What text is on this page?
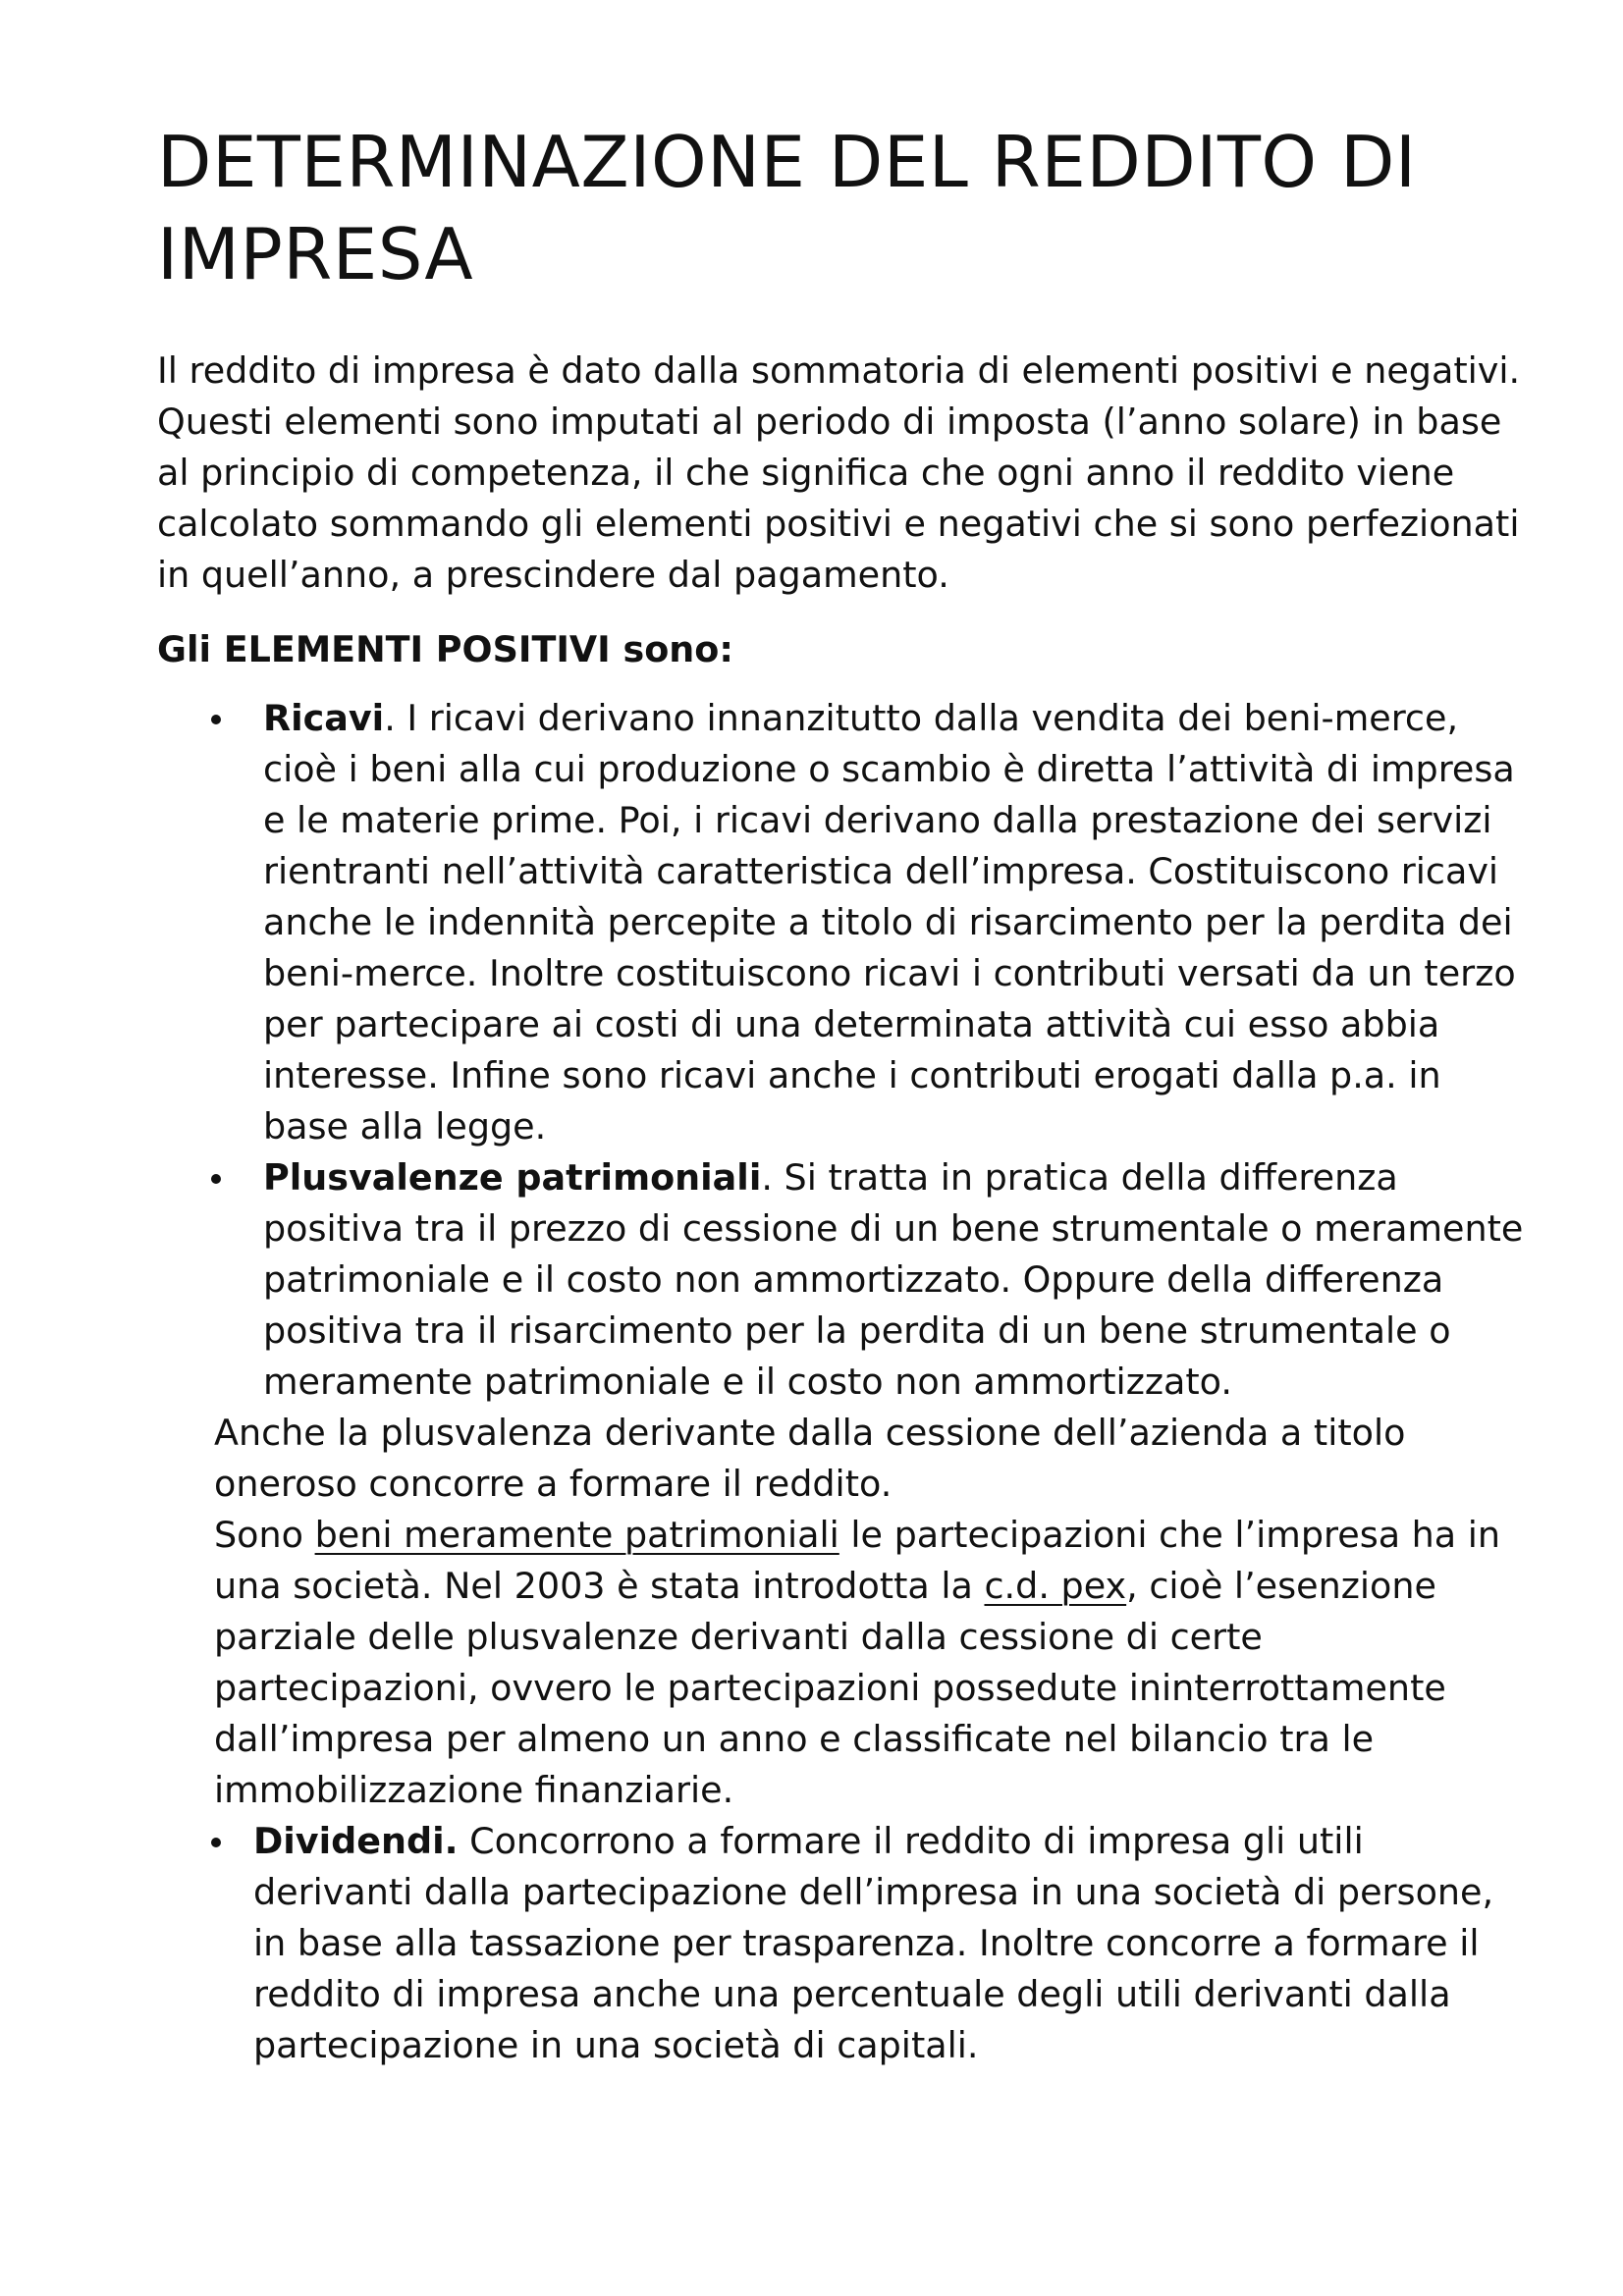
DETERMINAZIONE DEL REDDITO DI IMPRESA

Il reddito di impresa è dato dalla sommatoria di elementi positivi e negativi. Questi elementi sono imputati al periodo di imposta (l’anno solare) in base al principio di competenza, il che significa che ogni anno il reddito viene calcolato sommando gli elementi positivi e negativi che si sono perfezionati in quell’anno, a prescindere dal pagamento.

Gli ELEMENTI POSITIVI sono:

Ricavi. I ricavi derivano innanzitutto dalla vendita dei beni-merce, cioè i beni alla cui produzione o scambio è diretta l’attività di impresa e le materie prime. Poi, i ricavi derivano dalla prestazione dei servizi rientranti nell’attività caratteristica dell’impresa. Costituiscono ricavi anche le indennità percepite a titolo di risarcimento per la perdita dei beni-merce. Inoltre costituiscono ricavi i contributi versati da un terzo per partecipare ai costi di una determinata attività cui esso abbia interesse. Infine sono ricavi anche i contributi erogati dalla p.a. in base alla legge.
Plusvalenze patrimoniali. Si tratta in pratica della differenza positiva tra il prezzo di cessione di un bene strumentale o meramente patrimoniale e il costo non ammortizzato. Oppure della differenza positiva tra il risarcimento per la perdita di un bene strumentale o meramente patrimoniale e il costo non ammortizzato.

Anche la plusvalenza derivante dalla cessione dell’azienda a titolo oneroso concorre a formare il reddito.

Sono beni meramente patrimoniali le partecipazioni che l’impresa ha in una società. Nel 2003 è stata introdotta la c.d. pex, cioè l’esenzione parziale delle plusvalenze derivanti dalla cessione di certe partecipazioni, ovvero le partecipazioni possedute ininterrottamente dall’impresa per almeno un anno e classificate nel bilancio tra le immobilizzazione finanziarie.

Dividendi. Concorrono a formare il reddito di impresa gli utili derivanti dalla partecipazione dell’impresa in una società di persone, in base alla tassazione per trasparenza. Inoltre concorre a formare il reddito di impresa anche una percentuale degli utili derivanti dalla partecipazione in una società di capitali.
